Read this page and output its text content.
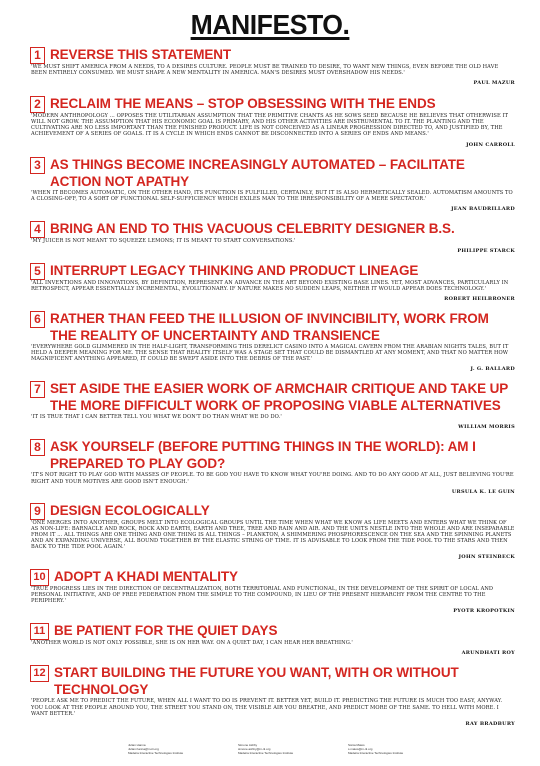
MANIFESTO.
1 REVERSE THIS STATEMENT
'WE MUST SHIFT AMERICA FROM A NEEDS, TO A DESIRES CULTURE. PEOPLE MUST BE TRAINED TO DESIRE, TO WANT NEW THINGS, EVEN BEFORE THE OLD HAVE BEEN ENTIRELY CONSUMED. WE MUST SHAPE A NEW MENTALITY IN AMERICA. MAN'S DESIRES MUST OVERSHADOW HIS NEEDS.'
PAUL MAZUR
2 RECLAIM THE MEANS – STOP OBSESSING WITH THE ENDS
'MODERN ANTHROPOLOGY ... OPPOSES THE UTILITARIAN ASSUMPTION THAT THE PRIMITIVE CHANTS AS HE SOWS SEED BECAUSE HE BELIEVES THAT OTHERWISE IT WILL NOT GROW. THE ASSUMPTION THAT HIS ECONOMIC GOAL IS PRIMARY, AND HIS OTHER ACTIVITIES ARE INSTRUMENTAL TO IT. THE PLANTING AND THE CULTIVATING ARE NO LESS IMPORTANT THAN THE FINISHED PRODUCT. LIFE IS NOT CONCEIVED AS A LINEAR PROGRESSION DIRECTED TO, AND JUSTIFIED BY, THE ACHIEVEMENT OF A SERIES OF GOALS. IT IS A CYCLE IN WHICH ENDS CANNOT BE DISCONNECTED INTO A SERIES OF ENDS AND MEANS.'
JOHN CARROLL
3 AS THINGS BECOME INCREASINGLY AUTOMATED – FACILITATE ACTION NOT APATHY
'WHEN IT BECOMES AUTOMATIC, ON THE OTHER HAND, ITS FUNCTION IS FULFILLED, CERTAINLY, BUT IT IS ALSO HERMETICALLY SEALED. AUTOMATISM AMOUNTS TO A CLOSING-OFF, TO A SORT OF FUNCTIONAL SELF-SUFFICIENCY WHICH EXILES MAN TO THE IRRESPONSIBILITY OF A MERE SPECTATOR.'
JEAN BAUDRILLARD
4 BRING AN END TO THIS VACUOUS CELEBRITY DESIGNER B.S.
'MY JUICER IS NOT MEANT TO SQUEEZE LEMONS; IT IS MEANT TO START CONVERSATIONS.'
PHILIPPE STARCK
5 INTERRUPT LEGACY THINKING AND PRODUCT LINEAGE
'ALL INVENTIONS AND INNOVATIONS, BY DEFINITION, REPRESENT AN ADVANCE IN THE ART BEYOND EXISTING BASE LINES. YET, MOST ADVANCES, PARTICULARLY IN RETROSPECT, APPEAR ESSENTIALLY INCREMENTAL, EVOLUTIONARY. IF NATURE MAKES NO SUDDEN LEAPS, NEITHER IT WOULD APPEAR DOES TECHNOLOGY.'
ROBERT HEILBRONER
6 RATHER THAN FEED THE ILLUSION OF INVINCIBILITY, WORK FROM THE REALITY OF UNCERTAINTY AND TRANSIENCE
'EVERYWHERE GOLD GLIMMERED IN THE HALF-LIGHT, TRANSFORMING THIS DERELICT CASINO INTO A MAGICAL CAVERN FROM THE ARABIAN NIGHTS TALES, BUT IT HELD A DEEPER MEANING FOR ME. THE SENSE THAT REALITY ITSELF WAS A STAGE SET THAT COULD BE DISMANTLED AT ANY MOMENT, AND THAT NO MATTER HOW MAGNIFICENT ANYTHING APPEARED, IT COULD BE SWEPT ASIDE INTO THE DEBRIS OF THE PAST.'
J. G. BALLARD
7 SET ASIDE THE EASIER WORK OF ARMCHAIR CRITIQUE AND TAKE UP THE MORE DIFFICULT WORK OF PROPOSING VIABLE ALTERNATIVES
'IT IS TRUE THAT I CAN BETTER TELL YOU WHAT WE DON'T DO THAN WHAT WE DO DO.'
WILLIAM MORRIS
8 ASK YOURSELF (BEFORE PUTTING THINGS IN THE WORLD): AM I PREPARED TO PLAY GOD?
'IT'S NOT RIGHT TO PLAY GOD WITH MASSES OF PEOPLE. TO BE GOD YOU HAVE TO KNOW WHAT YOU'RE DOING. AND TO DO ANY GOOD AT ALL, JUST BELIEVING YOU'RE RIGHT AND YOUR MOTIVES ARE GOOD ISN'T ENOUGH.'
URSULA K. LE GUIN
9 DESIGN ECOLOGICALLY
'ONE MERGES INTO ANOTHER, GROUPS MELT INTO ECOLOGICAL GROUPS UNTIL THE TIME WHEN WHAT WE KNOW AS LIFE MEETS AND ENTERS WHAT WE THINK OF AS NON-LIFE: BARNACLE AND ROCK, ROCK AND EARTH, EARTH AND TREE, TREE AND RAIN AND AIR. AND THE UNITS NESTLE INTO THE WHOLE AND ARE INSEPARABLE FROM IT ... ALL THINGS ARE ONE THING AND ONE THING IS ALL THINGS – PLANKTON, A SHIMMERING PHOSPHORESCENCE ON THE SEA AND THE SPINNING PLANETS AND AN EXPANDING UNIVERSE, ALL BOUND TOGETHER BY THE ELASTIC STRING OF TIME. IT IS ADVISABLE TO LOOK FROM THE TIDE POOL TO THE STARS AND THEN BACK TO THE TIDE POOL AGAIN.'
JOHN STEINBECK
10 ADOPT A KHADI MENTALITY
'TRUE PROGRESS LIES IN THE DIRECTION OF DECENTRALIZATION, BOTH TERRITORIAL AND FUNCTIONAL, IN THE DEVELOPMENT OF THE SPIRIT OF LOCAL AND PERSONAL INITIATIVE, AND OF FREE FEDERATION FROM THE SIMPLE TO THE COMPOUND, IN LIEU OF THE PRESENT HIERARCHY FROM THE CENTRE TO THE PERIPHERY.'
PYOTR KROPOTKIN
11 BE PATIENT FOR THE QUIET DAYS
'ANOTHER WORLD IS NOT ONLY POSSIBLE, SHE IS ON HER WAY. ON A QUIET DAY, I CAN HEAR HER BREATHING.'
ARUNDHATI ROY
12 START BUILDING THE FUTURE YOU WANT, WITH OR WITHOUT TECHNOLOGY
'PEOPLE ASK ME TO PREDICT THE FUTURE, WHEN ALL I WANT TO DO IS PREVENT IT. BETTER YET, BUILD IT. PREDICTING THE FUTURE IS MUCH TOO EASY, ANYWAY. YOU LOOK AT THE PEOPLE AROUND YOU, THE STREET YOU STAND ON, THE VISIBLE AIR YOU BREATHE, AND PREDICT MORE OF THE SAME. TO HELL WITH MORE. I WANT BETTER.'
RAY BRADBURY
Julian Hanna
Julian.hanna@m-iti.org
Madeira Interactive Technologies Institute
Simone Ashby
simone.ashby@m-iti.org
Madeira Interactive Technologies Institute
Sónia Matos
s.matos@m-iti.org
Madeira Interactive Technologies Institute
